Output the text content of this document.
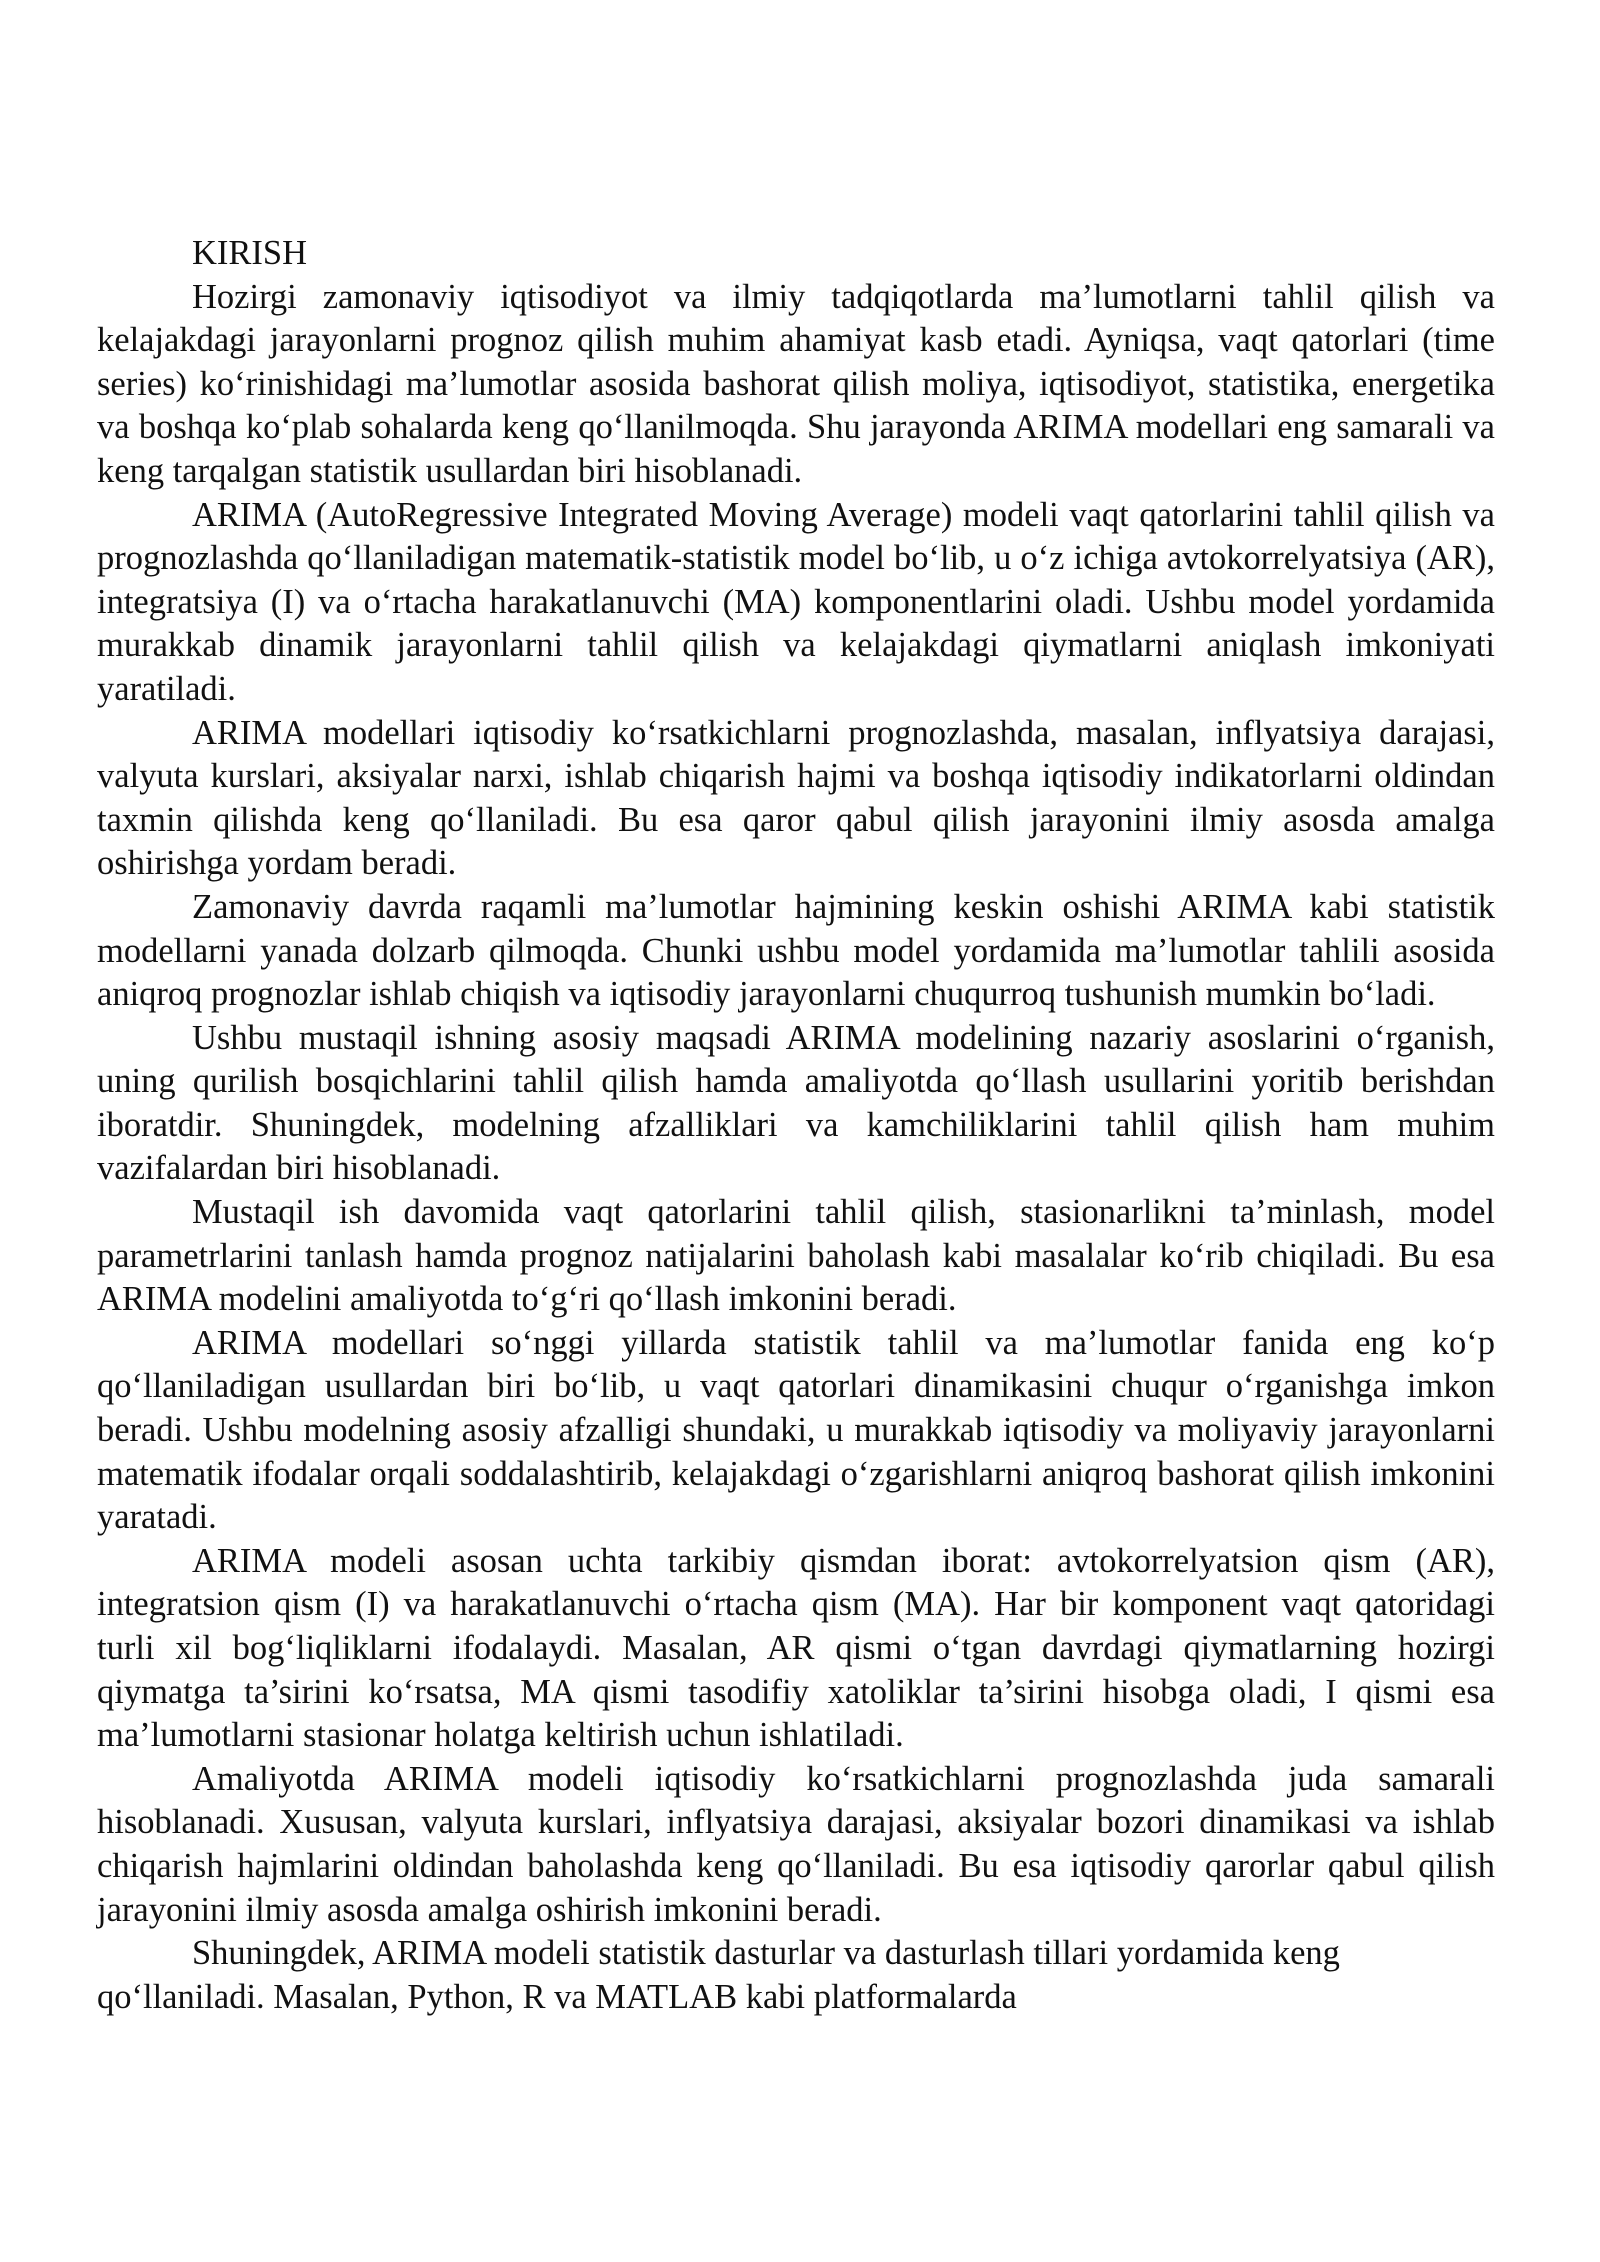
KIRISH

Hozirgi zamonaviy iqtisodiyot va ilmiy tadqiqotlarda ma’lumotlarni tahlil qilish va kelajakdagi jarayonlarni prognoz qilish muhim ahamiyat kasb etadi. Ayniqsa, vaqt qatorlari (time series) ko‘rinishidagi ma’lumotlar asosida bashorat qilish moliya, iqtisodiyot, statistika, energetika va boshqa ko‘plab sohalarda keng qo‘llanilmoqda. Shu jarayonda ARIMA modellari eng samarali va keng tarqalgan statistik usullardan biri hisoblanadi.

ARIMA (AutoRegressive Integrated Moving Average) modeli vaqt qatorlarini tahlil qilish va prognozlashda qo‘llaniladigan matematik-statistik model bo‘lib, u o‘z ichiga avtokorrelyatsiya (AR), integratsiya (I) va o‘rtacha harakatlanuvchi (MA) komponentlarini oladi. Ushbu model yordamida murakkab dinamik jarayonlarni tahlil qilish va kelajakdagi qiymatlarni aniqlash imkoniyati yaratiladi.

ARIMA modellari iqtisodiy ko‘rsatkichlarni prognozlashda, masalan, inflyatsiya darajasi, valyuta kurslari, aksiyalar narxi, ishlab chiqarish hajmi va boshqa iqtisodiy indikatorlarni oldindan taxmin qilishda keng qo‘llaniladi. Bu esa qaror qabul qilish jarayonini ilmiy asosda amalga oshirishga yordam beradi.

Zamonaviy davrda raqamli ma’lumotlar hajmining keskin oshishi ARIMA kabi statistik modellarni yanada dolzarb qilmoqda. Chunki ushbu model yordamida ma’lumotlar tahlili asosida aniqroq prognozlar ishlab chiqish va iqtisodiy jarayonlarni chuqurroq tushunish mumkin bo‘ladi.

Ushbu mustaqil ishning asosiy maqsadi ARIMA modelining nazariy asoslarini o‘rganish, uning qurilish bosqichlarini tahlil qilish hamda amaliyotda qo‘llash usullarini yoritib berishdan iboratdir. Shuningdek, modelning afzalliklari va kamchiliklarini tahlil qilish ham muhim vazifalardan biri hisoblanadi.

Mustaqil ish davomida vaqt qatorlarini tahlil qilish, stasionarlikni ta’minlash, model parametrlarini tanlash hamda prognoz natijalarini baholash kabi masalalar ko‘rib chiqiladi. Bu esa ARIMA modelini amaliyotda to‘g‘ri qo‘llash imkonini beradi.

ARIMA modellari so‘nggi yillarda statistik tahlil va ma’lumotlar fanida eng ko‘p qo‘llaniladigan usullardan biri bo‘lib, u vaqt qatorlari dinamikasini chuqur o‘rganishga imkon beradi. Ushbu modelning asosiy afzalligi shundaki, u murakkab iqtisodiy va moliyaviy jarayonlarni matematik ifodalar orqali soddalashtirib, kelajakdagi o‘zgarishlarni aniqroq bashorat qilish imkonini yaratadi.

ARIMA modeli asosan uchta tarkibiy qismdan iborat: avtokorrelyatsion qism (AR), integratsion qism (I) va harakatlanuvchi o‘rtacha qism (MA). Har bir komponent vaqt qatoridagi turli xil bog‘liqliklarni ifodalaydi. Masalan, AR qismi o‘tgan davrdagi qiymatlarning hozirgi qiymatga ta’sirini ko‘rsatsa, MA qismi tasodifiy xatoliklar ta’sirini hisobga oladi, I qismi esa ma’lumotlarni stasionar holatga keltirish uchun ishlatiladi.

Amaliyotda ARIMA modeli iqtisodiy ko‘rsatkichlarni prognozlashda juda samarali hisoblanadi. Xususan, valyuta kurslari, inflyatsiya darajasi, aksiyalar bozori dinamikasi va ishlab chiqarish hajmlarini oldindan baholashda keng qo‘llaniladi. Bu esa iqtisodiy qarorlar qabul qilish jarayonini ilmiy asosda amalga oshirish imkonini beradi.

Shuningdek, ARIMA modeli statistik dasturlar va dasturlash tillari yordamida keng qo‘llaniladi. Masalan, Python, R va MATLAB kabi platformalarda
